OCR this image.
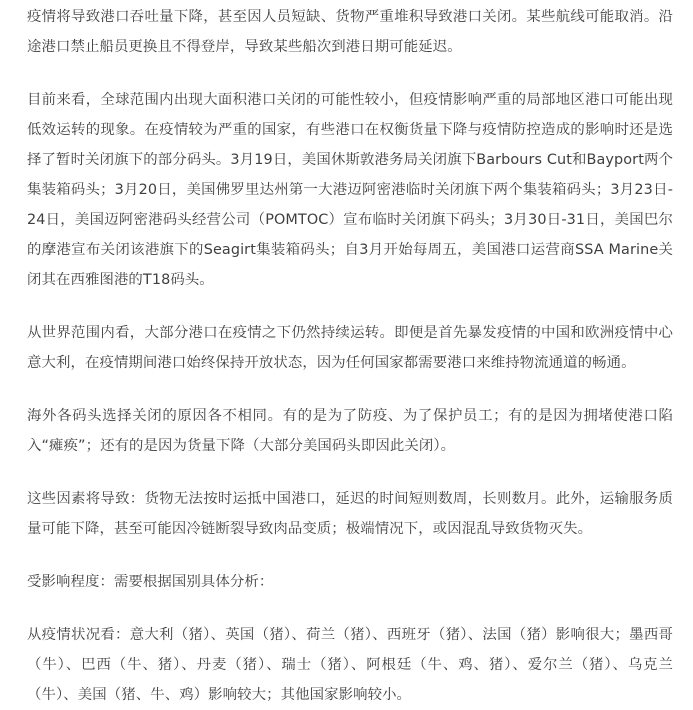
疫情将导致港口吞吐量下降，甚至因人员短缺、货物严重堆积导致港口关闭。某些航线可能取消。沿途港口禁止船员更换且不得登岸，导致某些船次到港日期可能延迟。

目前来看，全球范围内出现大面积港口关闭的可能性较小，但疫情影响严重的局部地区港口可能出现低效运转的现象。在疫情较为严重的国家，有些港口在权衡货量下降与疫情防控造成的影响时还是选择了暂时关闭旗下的部分码头。3月19日，美国休斯敦港务局关闭旗下Barbours Cut和Bayport两个集装箱码头；3月20日，美国佛罗里达州第一大港迈阿密港临时关闭旗下两个集装箱码头；3月23日-24日，美国迈阿密港码头经营公司（POMTOC）宣布临时关闭旗下码头；3月30日-31日，美国巴尔的摩港宣布关闭该港旗下的Seagirt集装箱码头；自3月开始每周五，美国港口运营商SSA Marine关闭其在西雅图港的T18码头。

从世界范围内看，大部分港口在疫情之下仍然持续运转。即便是首先暴发疫情的中国和欧洲疫情中心意大利，在疫情期间港口始终保持开放状态，因为任何国家都需要港口来维持物流通道的畅通。

海外各码头选择关闭的原因各不相同。有的是为了防疫、为了保护员工；有的是因为拥堵使港口陷入“瘫痪”；还有的是因为货量下降（大部分美国码头即因此关闭）。

这些因素将导致：货物无法按时运抵中国港口，延迟的时间短则数周，长则数月。此外，运输服务质量可能下降，甚至可能因冷链断裂导致肉品变质；极端情况下，或因混乱导致货物灭失。

受影响程度：需要根据国别具体分析：

从疫情状况看：意大利（猪）、英国（猪）、荷兰（猪）、西班牙（猪）、法国（猪）影响很大；墨西哥（牛）、巴西（牛、猪）、丹麦（猪）、瑞士（猪）、阿根廷（牛、鸡、猪）、爱尔兰（猪）、乌克兰（牛）、美国（猪、牛、鸡）影响较大；其他国家影响较小。
